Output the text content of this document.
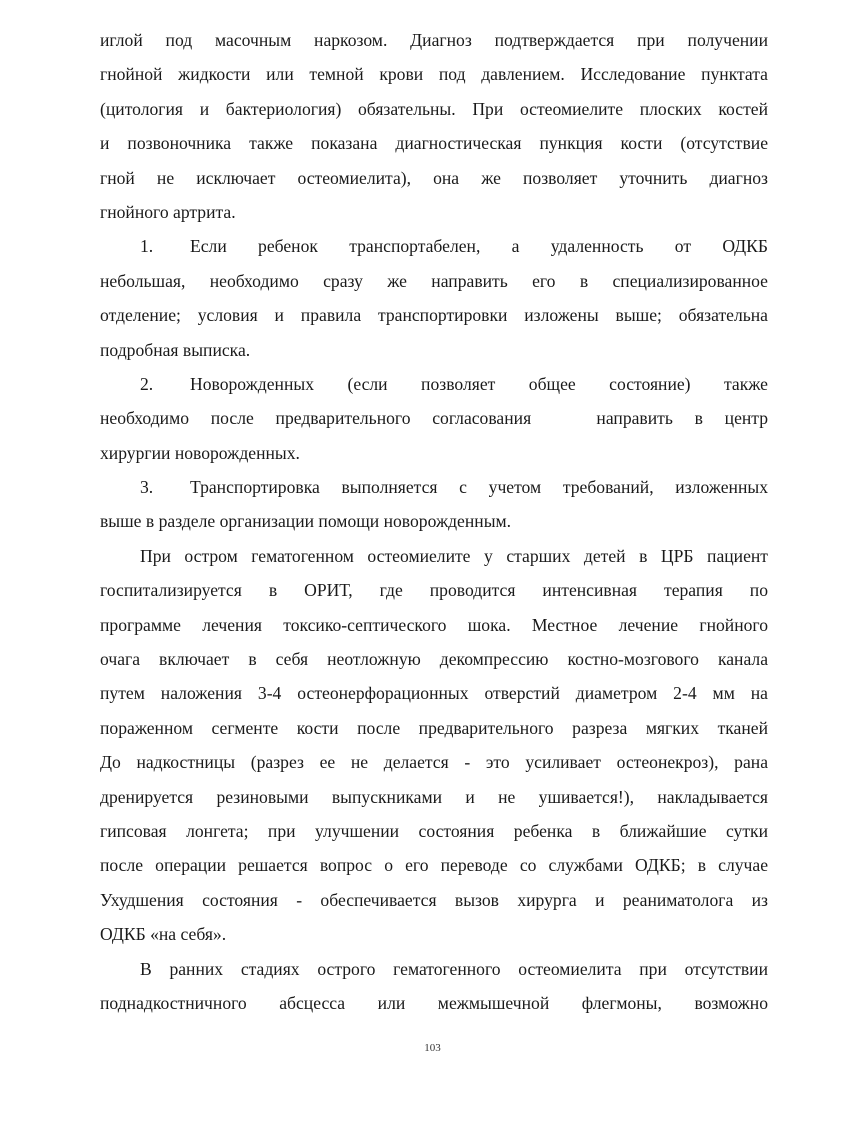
иглой под масочным наркозом. Диагноз подтверждается при получении
гнойной жидкости или темной крови под давлением. Исследование пунктата
(цитология и бактериология) обязательны. При остеомиелите плоских костей
и позвоночника также показана диагностическая пункция кости (отсутствие
гной не исключает остеомиелита), она же позволяет уточнить диагноз
гнойного артрита.
1.	Если ребенок транспортабелен, а удаленность от ОДКБ
небольшая, необходимо сразу же направить его в специализированное
отделение; условия и правила транспортировки изложены выше; обязательна
подробная выписка.
2.	Новорожденных (если позволяет общее состояние) также
необходимо после предварительного согласования   направить в центр
хирургии новорожденных.
3.	Транспортировка выполняется с учетом требований, изложенных
выше в разделе организации помощи новорожденным.
При остром гематогенном остеомиелите у старших детей в ЦРБ пациент
госпитализируется в ОРИТ, где проводится интенсивная терапия по
программе лечения токсико-септического шока. Местное лечение гнойного
очага включает в себя неотложную декомпрессию костно-мозгового канала
путем наложения 3-4 остеонерфорационных отверстий диаметром 2-4 мм на
пораженном сегменте кости после предварительного разреза мягких тканей
До надкостницы (разрез ее не делается - это усиливает остеонекроз), рана
дренируется резиновыми выпускниками и не ушивается!), накладывается
гипсовая лонгета; при улучшении состояния ребенка в ближайшие сутки
после операции решается вопрос о его переводе со службами ОДКБ; в случае
Ухудшения состояния - обеспечивается вызов хирурга и реаниматолога из
ОДКБ «на себя».
В ранних стадиях острого гематогенного остеомиелита при отсутствии
поднадкостничного абсцесса или межмышечной флегмоны, возможно
103
